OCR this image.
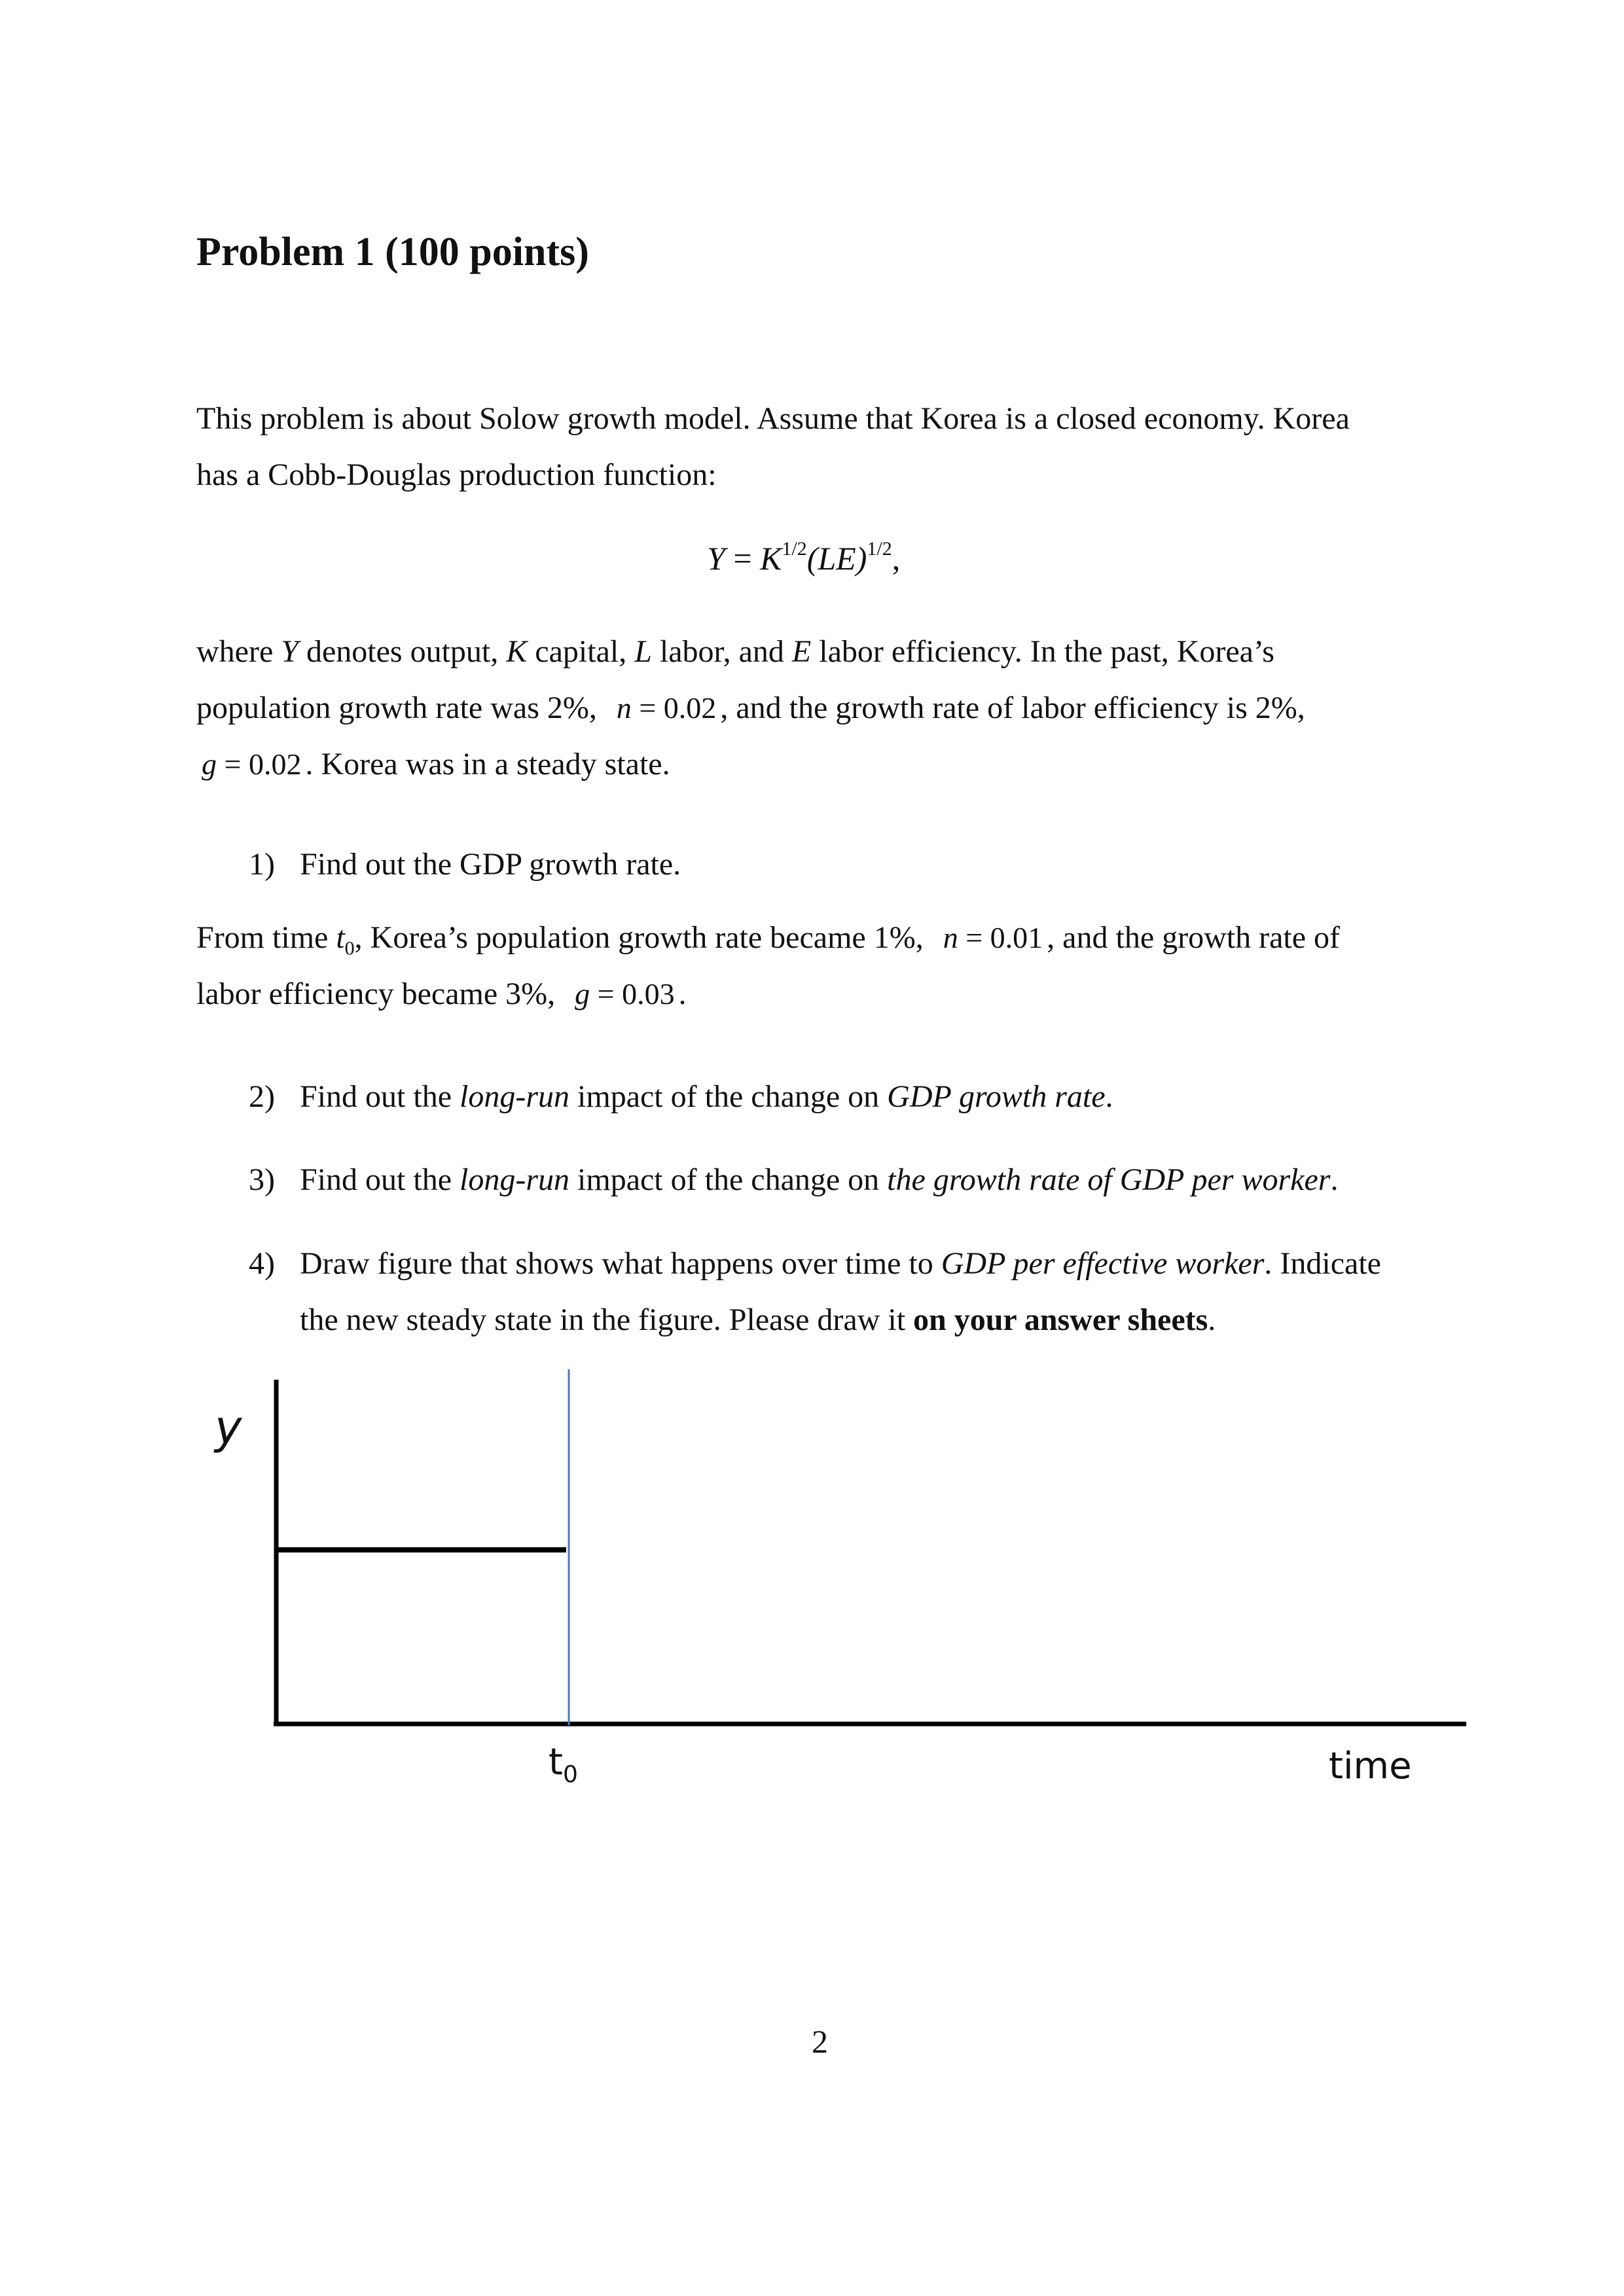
Problem 1 (100 points)
This problem is about Solow growth model. Assume that Korea is a closed economy. Korea
has a Cobb-Douglas production function:
$Y = K^{1/2}(LE)^{1/2}$,
where Y denotes output, K capital, L labor, and E labor efficiency. In the past, Korea’s
population growth rate was 2%, n = 0.02 , and the growth rate of labor efficiency is 2%,
g = 0.02 . Korea was in a steady state.
1) Find out the GDP growth rate.
From time $t_0$, Korea’s population growth rate became 1%, n = 0.01 , and the growth rate of
labor efficiency became 3%, g = 0.03 .
2) Find out the long-run impact of the change on GDP growth rate.
3) Find out the long-run impact of the change on the growth rate of GDP per worker.
4) Draw figure that shows what happens over time to GDP per effective worker. Indicate
the new steady state in the figure. Please draw it on your answer sheets.
y
$t_0$	time
2
